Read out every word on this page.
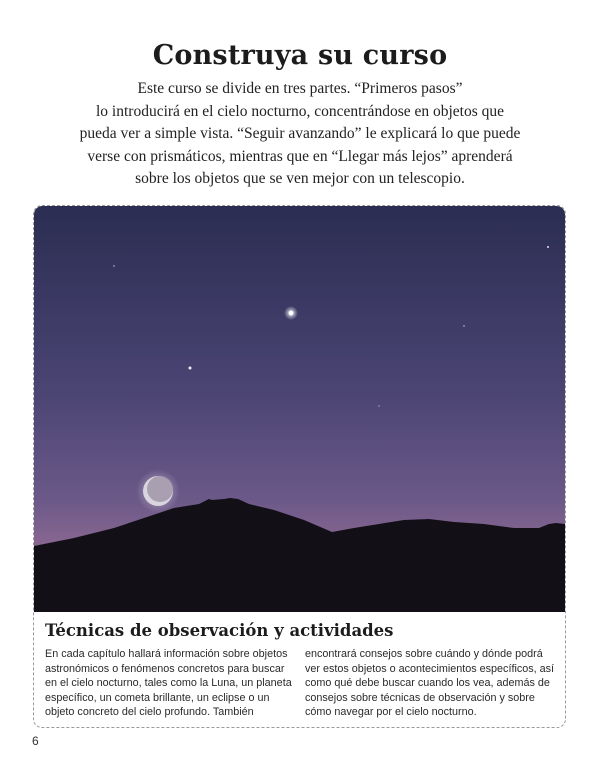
Construya su curso

Este curso se divide en tres partes. “Primeros pasos”

lo introducirá en el cielo nocturno, concentrándose en objetos que

pueda ver a simple vista. “Seguir avanzando” le explicará lo que puede

verse con prismáticos, mientras que en “Llegar más lejos” aprenderá

sobre los objetos que se ven mejor con un telescopio.

Técnicas de observación y actividades

En cada capítulo hallará información sobre objetos astronómicos o fenómenos concretos para buscar en el cielo nocturno, tales como la Luna, un planeta específico, un cometa brillante, un eclipse o un objeto concreto del cielo profundo. También

encontrará consejos sobre cuándo y dónde podrá ver estos objetos o acontecimientos específicos, así como qué debe buscar cuando los vea, además de consejos sobre técnicas de observación y sobre cómo navegar por el cielo nocturno.

6
